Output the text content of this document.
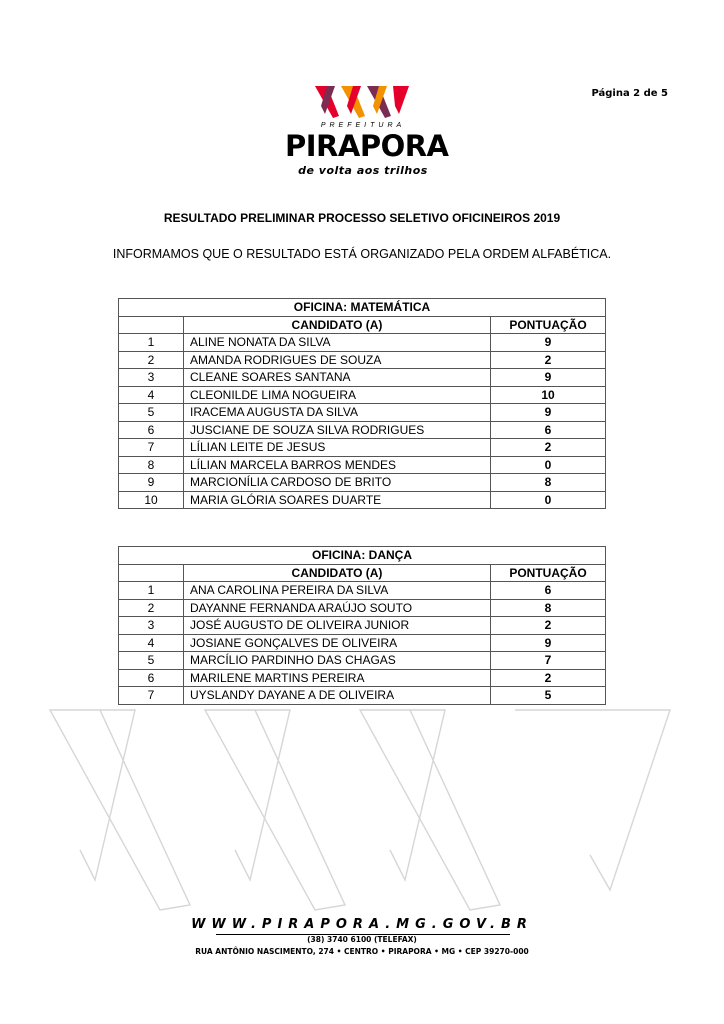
Página 2 de 5
PREFEITURA
PIRAPORA
de volta aos trilhos
RESULTADO PRELIMINAR PROCESSO SELETIVO OFICINEIROS 2019
INFORMAMOS QUE O RESULTADO ESTÁ ORGANIZADO PELA ORDEM ALFABÉTICA.
OFICINA: MATEMÁTICA		
	CANDIDATO (A)	PONTUAÇÃO
1	ALINE NONATA DA SILVA	9
2	AMANDA RODRIGUES DE SOUZA	2
3	CLEANE SOARES SANTANA	9
4	CLEONILDE LIMA NOGUEIRA	10
5	IRACEMA AUGUSTA DA SILVA	9
6	JUSCIANE DE SOUZA SILVA RODRIGUES	6
7	LÍLIAN LEITE DE JESUS	2
8	LÍLIAN MARCELA BARROS MENDES	0
9	MARCIONÍLIA CARDOSO DE BRITO	8
10	MARIA GLÓRIA SOARES DUARTE	0
OFICINA: DANÇA		
	CANDIDATO (A)	PONTUAÇÃO
1	ANA CAROLINA PEREIRA DA SILVA	6
2	DAYANNE FERNANDA ARAÚJO SOUTO	8
3	JOSÉ AUGUSTO DE OLIVEIRA JUNIOR	2
4	JOSIANE GONÇALVES DE OLIVEIRA	9
5	MARCÍLIO PARDINHO DAS CHAGAS	7
6	MARILENE MARTINS PEREIRA	2
7	UYSLANDY DAYANE A DE OLIVEIRA	5
WWW.PIRAPORA.MG.GOV.BR
(38) 3740 6100 (TELEFAX)
RUA ANTÔNIO NASCIMENTO, 274 • CENTRO • PIRAPORA • MG • CEP 39270-000
